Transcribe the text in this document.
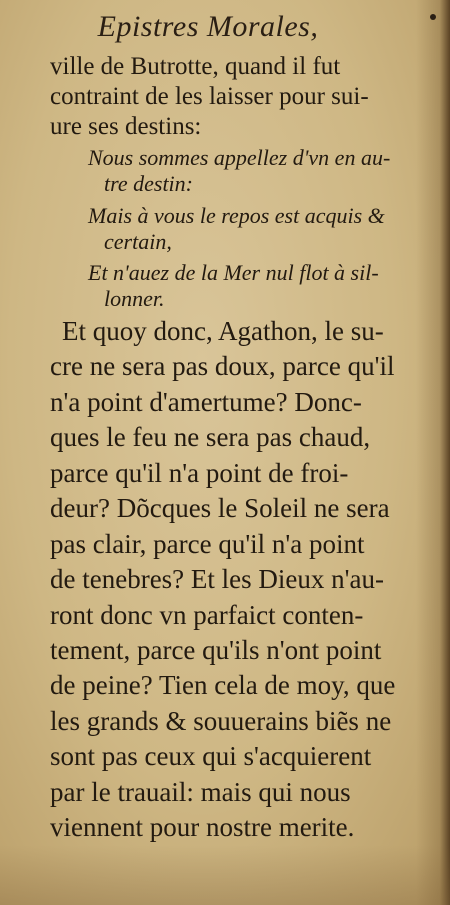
Epistres Morales,
ville de Butrotte, quand il fut
contraint de les laisser pour sui-
ure ses destins:
Nous sommes appellez d'vn en au-
tre destin:
Mais à vous le repos est acquis &
certain,
Et n'auez de la Mer nul flot à sil-
lonner.
Et quoy donc, Agathon, le su-
cre ne sera pas doux, parce qu'il
n'a point d'amertume? Donc-
ques le feu ne sera pas chaud,
parce qu'il n'a point de froi-
deur? Dõcques le Soleil ne sera
pas clair, parce qu'il n'a point
de tenebres? Et les Dieux n'au-
ront donc vn parfaict conten-
tement, parce qu'ils n'ont point
de peine? Tien cela de moy, que
les grands & souuerains biẽs ne
sont pas ceux qui s'acquierent
par le trauail: mais qui nous
viennent pour nostre merite.
